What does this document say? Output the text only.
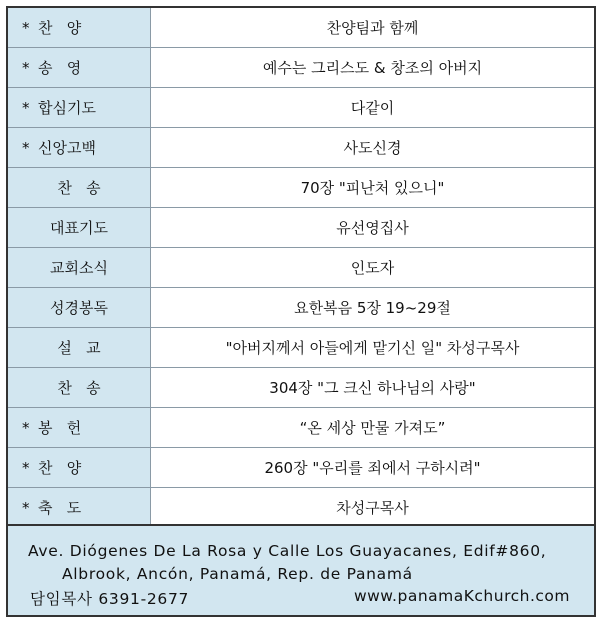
* 찬   양	찬양팀과 함께

* 송   영	예수는 그리스도 & 창조의 아버지

* 합심기도	다같이

* 신앙고백	사도신경

찬   송	70장 "피난처 있으니"

대표기도	유선영집사

교회소식	인도자

성경봉독	요한복음 5장 19~29절

설   교	"아버지께서 아들에게 맡기신 일" 차성구목사

찬   송	304장 "그 크신 하나님의 사랑"

* 봉   헌	“온 세상 만물 가져도”

* 찬   양	260장 "우리를 죄에서 구하시려"

* 축   도	차성구목사
Ave. Diógenes De La Rosa y Calle Los Guayacanes, Edif#860,
Albrook, Ancón, Panamá, Rep. de Panamá
담임목사 6391-2677	www.panamaKchurch.com
